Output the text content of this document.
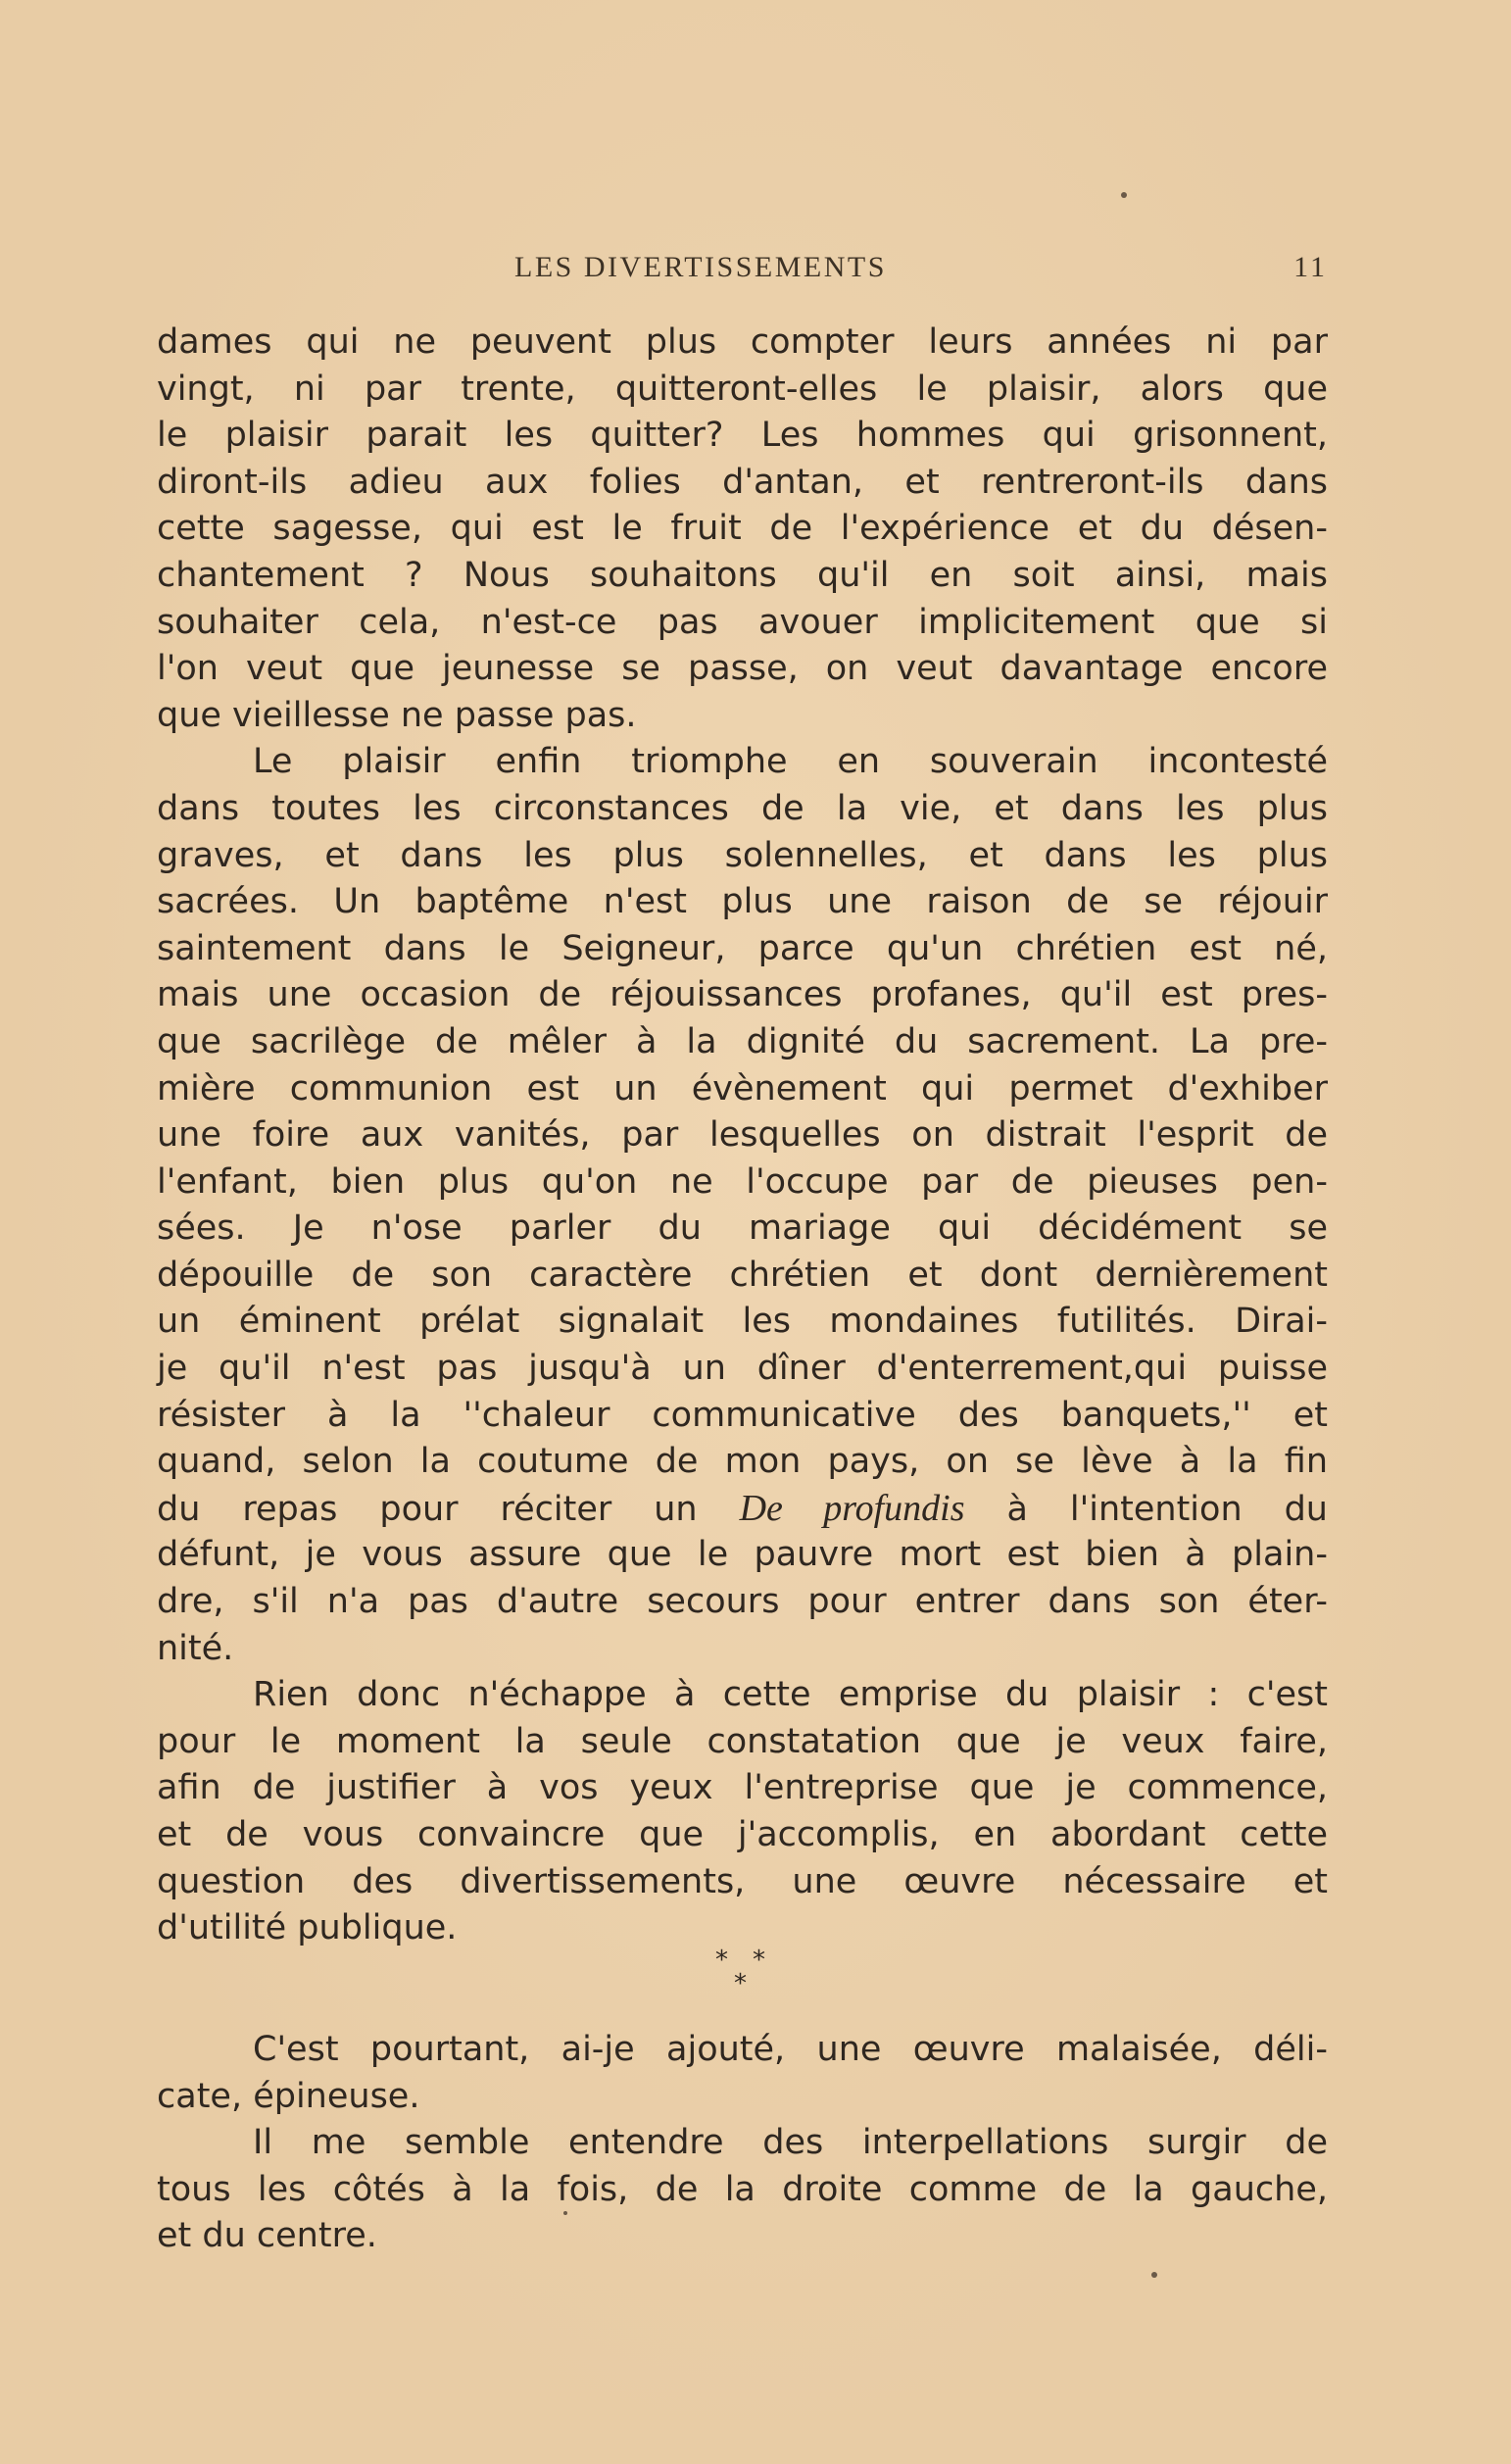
LES DIVERTISSEMENTS	11
dames qui ne peuvent plus compter leurs années ni par
vingt, ni par trente, quitteront-elles le plaisir, alors que
le plaisir parait les quitter? Les hommes qui grisonnent,
diront-ils adieu aux folies d'antan, et rentreront-ils dans
cette sagesse, qui est le fruit de l'expérience et du désen-
chantement ? Nous souhaitons qu'il en soit ainsi, mais
souhaiter cela, n'est-ce pas avouer implicitement que si
l'on veut que jeunesse se passe, on veut davantage encore
que vieillesse ne passe pas.
Le plaisir enfin triomphe en souverain incontesté
dans toutes les circonstances de la vie, et dans les plus
graves, et dans les plus solennelles, et dans les plus
sacrées. Un baptême n'est plus une raison de se réjouir
saintement dans le Seigneur, parce qu'un chrétien est né,
mais une occasion de réjouissances profanes, qu'il est pres-
que sacrilège de mêler à la dignité du sacrement. La pre-
mière communion est un évènement qui permet d'exhiber
une foire aux vanités, par lesquelles on distrait l'esprit de
l'enfant, bien plus qu'on ne l'occupe par de pieuses pen-
sées. Je n'ose parler du mariage qui décidément se
dépouille de son caractère chrétien et dont dernièrement
un éminent prélat signalait les mondaines futilités. Dirai-
je qu'il n'est pas jusqu'à un dîner d'enterrement,qui puisse
résister à la ''chaleur communicative des banquets,'' et
quand, selon la coutume de mon pays, on se lève à la fin
du repas pour réciter un De profundis à l'intention du
défunt, je vous assure que le pauvre mort est bien à plain-
dre, s'il n'a pas d'autre secours pour entrer dans son éter-
nité.
Rien donc n'échappe à cette emprise du plaisir : c'est
pour le moment la seule constatation que je veux faire,
afin de justifier à vos yeux l'entreprise que je commence,
et de vous convaincre que j'accomplis, en abordant cette
question des divertissements, une œuvre nécessaire et
d'utilité publique.
* *
*
C'est pourtant, ai-je ajouté, une œuvre malaisée, déli-
cate, épineuse.
Il me semble entendre des interpellations surgir de
tous les côtés à la fois, de la droite comme de la gauche,
et du centre.
